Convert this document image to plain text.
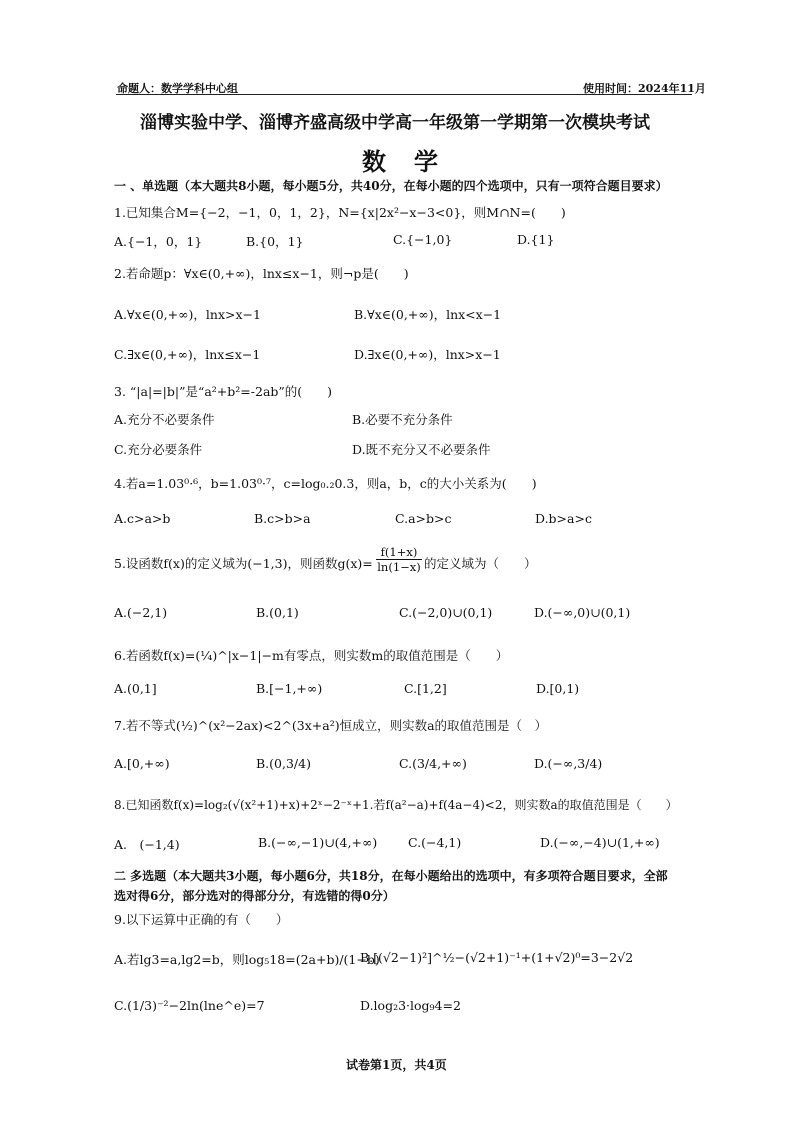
命题人：数学学科中心组	使用时间：2024年11月
淄博实验中学、淄博齐盛高级中学高一年级第一学期第一次模块考试
数学
一 、单选题（本大题共8小题，每小题5分，共40分，在每小题的四个选项中，只有一项符合题目要求）
1.已知集合M={−2，−1，0，1，2}，N={x|2x²−x−3<0}，则M∩N=(　　)
A.{−1，0，1}	B.{0，1}	C.{−1,0}	D.{1}
2.若命题p：∀x∈(0,+∞)，lnx≤x−1，则¬p是(　　)
A.∀x∈(0,+∞)，lnx>x−1	B.∀x∈(0,+∞)，lnx<x−1
C.∃x∈(0,+∞)，lnx≤x−1	D.∃x∈(0,+∞)，lnx>x−1
3. “|a|=|b|”是“a²+b²=-2ab”的(　　)
A.充分不必要条件	B.必要不充分条件
C.充分必要条件	D.既不充分又不必要条件
4.若a=1.03⁰·⁶，b=1.03⁰·⁷，c=log₀.₂0.3，则a，b，c的大小关系为(　　)
A.c>a>b	B.c>b>a	C.a>b>c	D.b>a>c
5.设函数f(x)的定义域为(−1,3)，则函数$g(x)= \frac{f(1+x)}{\ln(1-x)}$ 的定义域为（　　）
A.(−2,1)	B.(0,1)	C.(−2,0)∪(0,1)	D.(−∞,0)∪(0,1)
6.若函数f(x)=(¼)^|x−1|−m有零点，则实数m的取值范围是（　　）
A.(0,1]	B.[−1,+∞)	C.[1,2]	D.[0,1)
7.若不等式(½)^(x²−2ax)<2^(3x+a²)恒成立，则实数a的取值范围是（　）
A.[0,+∞)	B.(0,3/4)	C.(3/4,+∞)	D.(−∞,3/4)
8.已知函数f(x)=log₂(√(x²+1)+x)+2ˣ−2⁻ˣ+1.若f(a²−a)+f(4a−4)<2，则实数a的取值范围是（　　）
A.　(−1,4)	B.(−∞,−1)∪(4,+∞) C.(−4,1)	D.(−∞,−4)∪(1,+∞)
二 多选题（本大题共3小题，每小题6分，共18分，在每小题给出的选项中，有多项符合题目要求，全部
选对得6分，部分选对的得部分分，有选错的得0分）
9.以下运算中正确的有（　　）
A.若lg3=a,lg2=b，则log₅18=(2a+b)/(1−b)
B.[(√2−1)²]^½−(√2+1)⁻¹+(1+√2)⁰=3−2√2
C.(1/3)⁻²−2ln(lne^e)=7	D.log₂3·log₉4=2
试卷第1页，共4页
